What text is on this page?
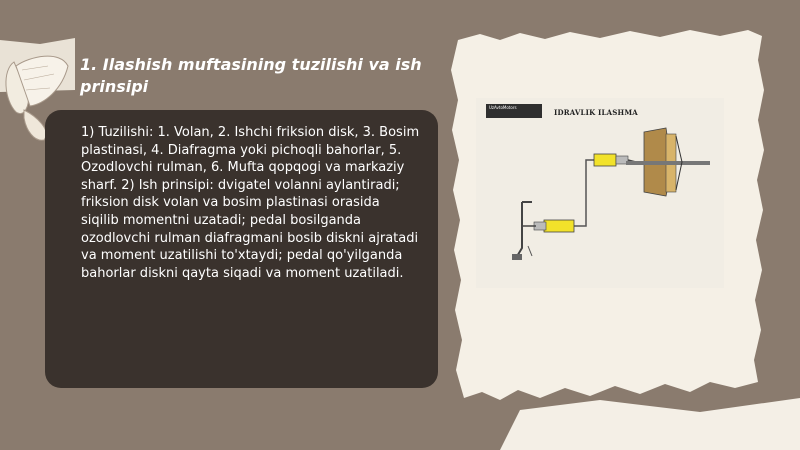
1. Ilashish muftasining tuzilishi va ish prinsipi
1) Tuzilishi: 1. Volan, 2. Ishchi friksion disk, 3. Bosim plastinasi, 4. Diafragma yoki pichoqli bahorlar, 5. Ozodlovchi rulman, 6. Mufta qopqogi va markaziy sharf. 2) Ish prinsipi: dvigatel volanni aylantiradi; friksion disk volan va bosim plastinasi orasida siqilib momentni uzatadi; pedal bosilganda ozodlovchi rulman diafragmani bosib diskni ajratadi va moment uzatilishi to'xtaydi; pedal qo'yilganda bahorlar diskni qayta siqadi va moment uzatiladi.
UzAvtoMotors
IDRAVLIK ILASHMA
